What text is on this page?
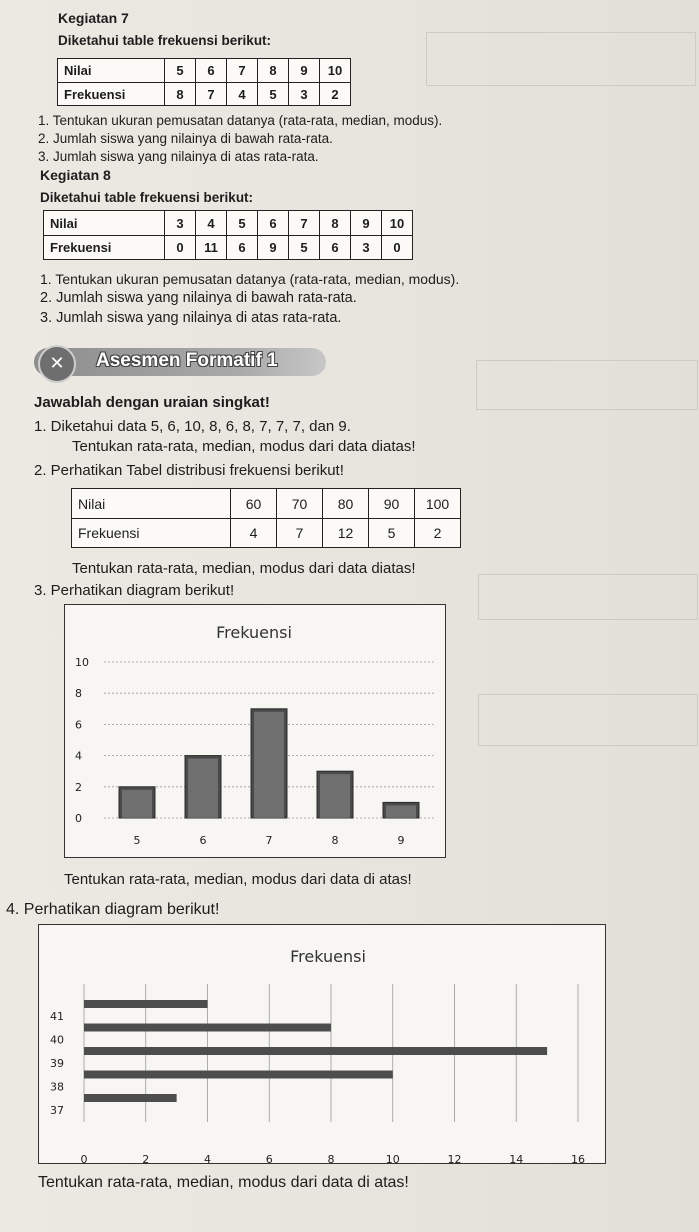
Kegiatan 7
Diketahui table frekuensi berikut:
Nilai	5	6	7	8	9	10
Frekuensi	8	7	4	5	3	2
1. Tentukan ukuran pemusatan datanya (rata-rata, median, modus).
2. Jumlah siswa yang nilainya di bawah rata-rata.
3. Jumlah siswa yang nilainya di atas rata-rata.
Kegiatan 8
Diketahui table frekuensi berikut:
Nilai	3	4	5	6	7	8	9	10
Frekuensi	0	11	6	9	5	6	3	0
1. Tentukan ukuran pemusatan datanya (rata-rata, median, modus).
2. Jumlah siswa yang nilainya di bawah rata-rata.
3. Jumlah siswa yang nilainya di atas rata-rata.
✕	Asesmen Formatif 1
Jawablah dengan uraian singkat!
1. Diketahui data 5, 6, 10, 8, 6, 8, 7, 7, 7, dan 9.
Tentukan rata-rata, median, modus dari data diatas!
2. Perhatikan Tabel distribusi frekuensi berikut!
Nilai	60	70	80	90	100
Frekuensi	4	7	12	5	2
Tentukan rata-rata, median, modus dari data diatas!
3. Perhatikan diagram berikut!
Frekuensi
0
2
4
6
8
10
5	6	7	8	9
Tentukan rata-rata, median, modus dari data di atas!
4. Perhatikan diagram berikut!
Frekuensi
0	2	4	6	8	10	12	14	16
41
40
39
38
37
Tentukan rata-rata, median, modus dari data di atas!
